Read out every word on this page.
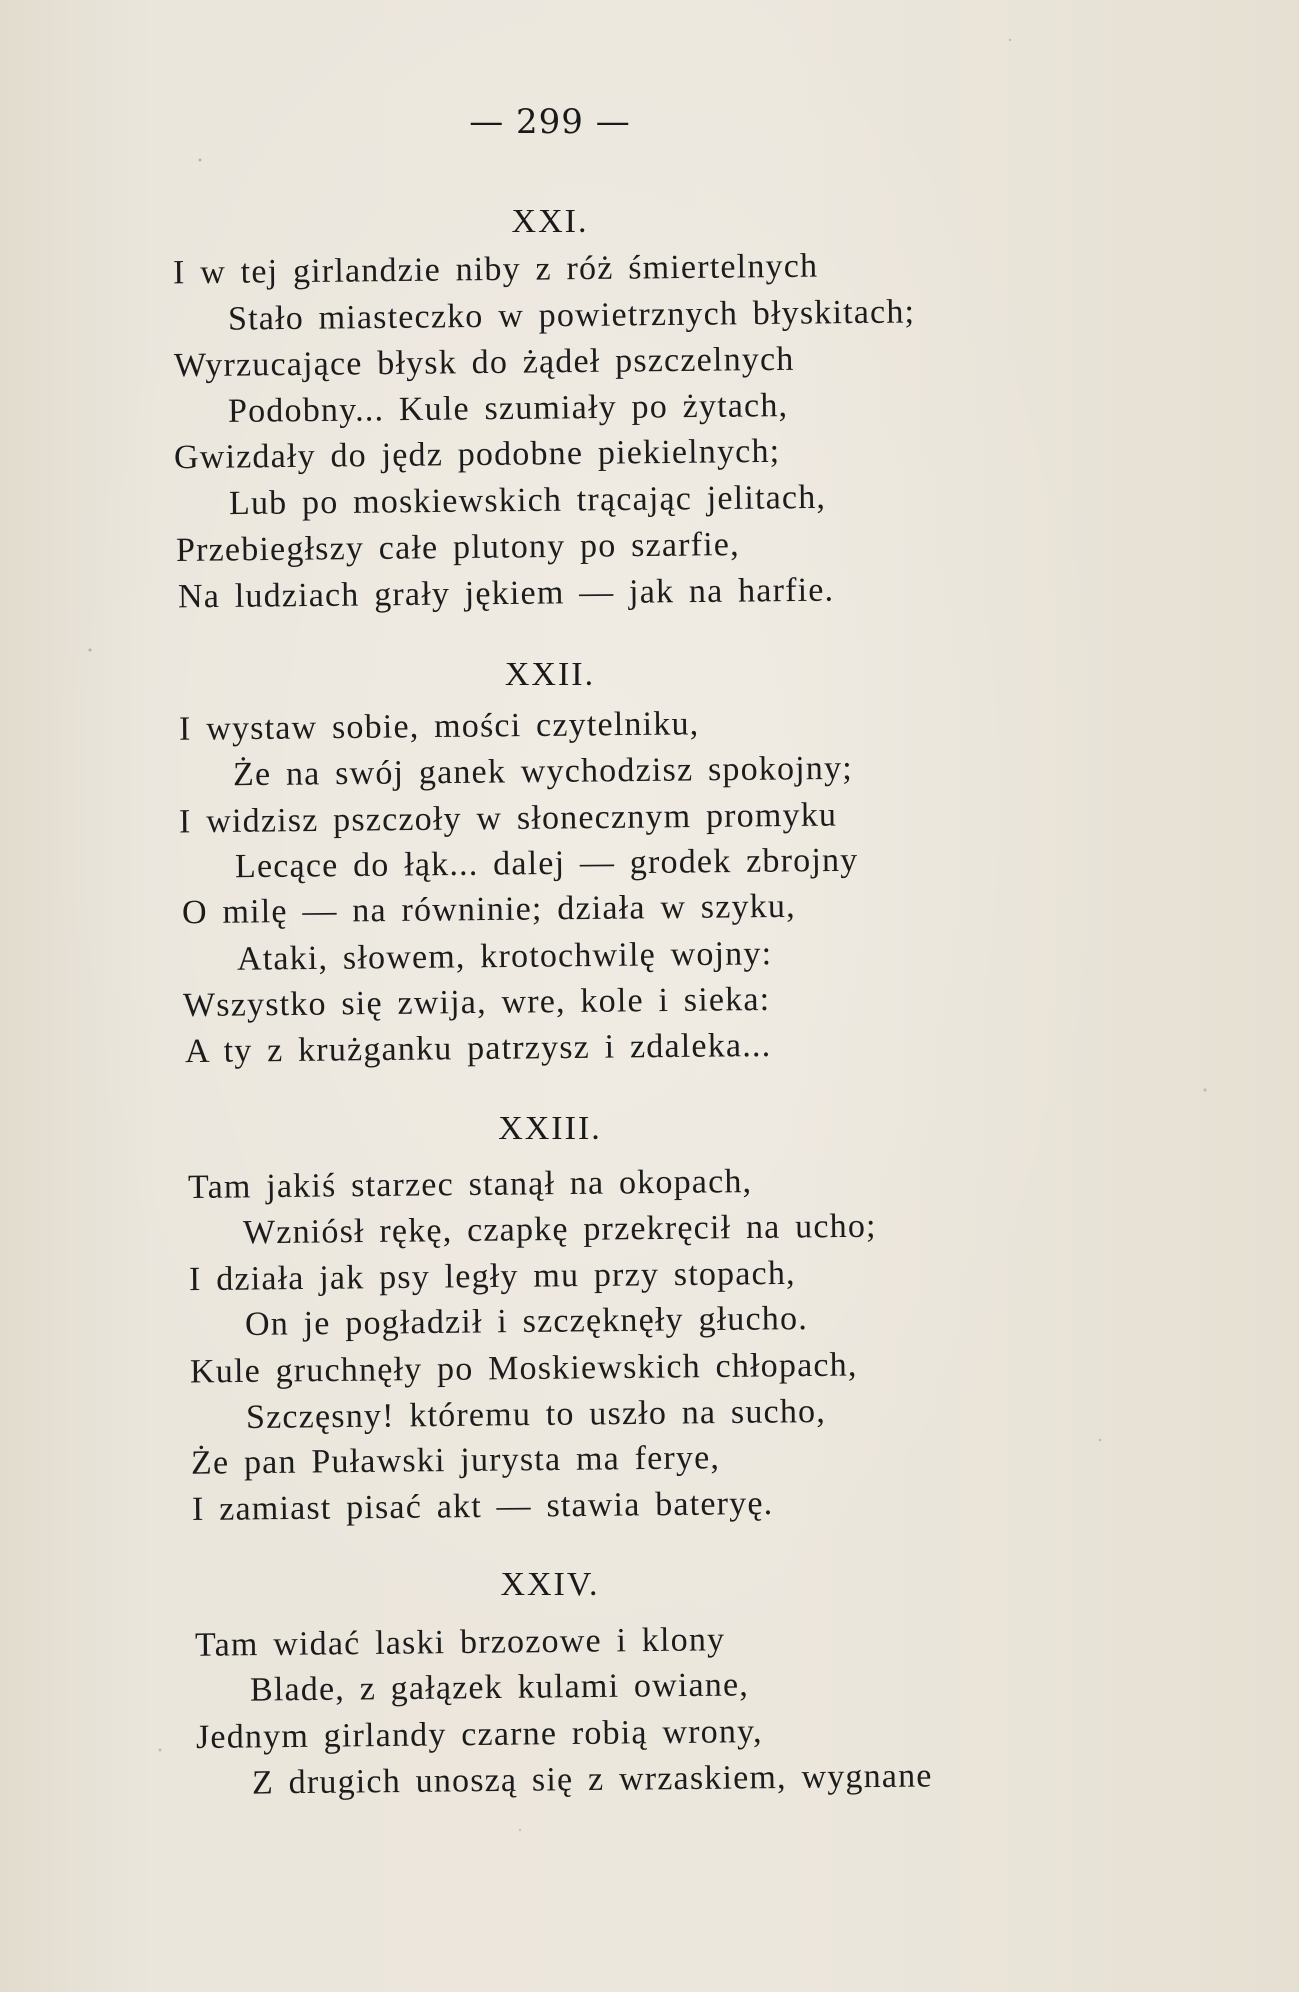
— 299 —
XXI.
I w tej girlandzie niby z róż śmiertelnych
Stało miasteczko w powietrznych błyskitach;
Wyrzucające błysk do żądeł pszczelnych
Podobny... Kule szumiały po żytach,
Gwizdały do jędz podobne piekielnych;
Lub po moskiewskich trącając jelitach,
Przebiegłszy całe plutony po szarfie,
Na ludziach grały jękiem — jak na harfie.
XXII.
I wystaw sobie, mości czytelniku,
Że na swój ganek wychodzisz spokojny;
I widzisz pszczoły w słonecznym promyku
Lecące do łąk... dalej — grodek zbrojny
O milę — na równinie; działa w szyku,
Ataki, słowem, krotochwilę wojny:
Wszystko się zwija, wre, kole i sieka:
A ty z krużganku patrzysz i zdaleka...
XXIII.
Tam jakiś starzec stanął na okopach,
Wzniósł rękę, czapkę przekręcił na ucho;
I działa jak psy legły mu przy stopach,
On je pogładził i szczęknęły głucho.
Kule gruchnęły po Moskiewskich chłopach,
Szczęsny! któremu to uszło na sucho,
Że pan Puławski jurysta ma ferye,
I zamiast pisać akt — stawia bateryę.
XXIV.
Tam widać laski brzozowe i klony
Blade, z gałązek kulami owiane,
Jednym girlandy czarne robią wrony,
Z drugich unoszą się z wrzaskiem, wygnane
